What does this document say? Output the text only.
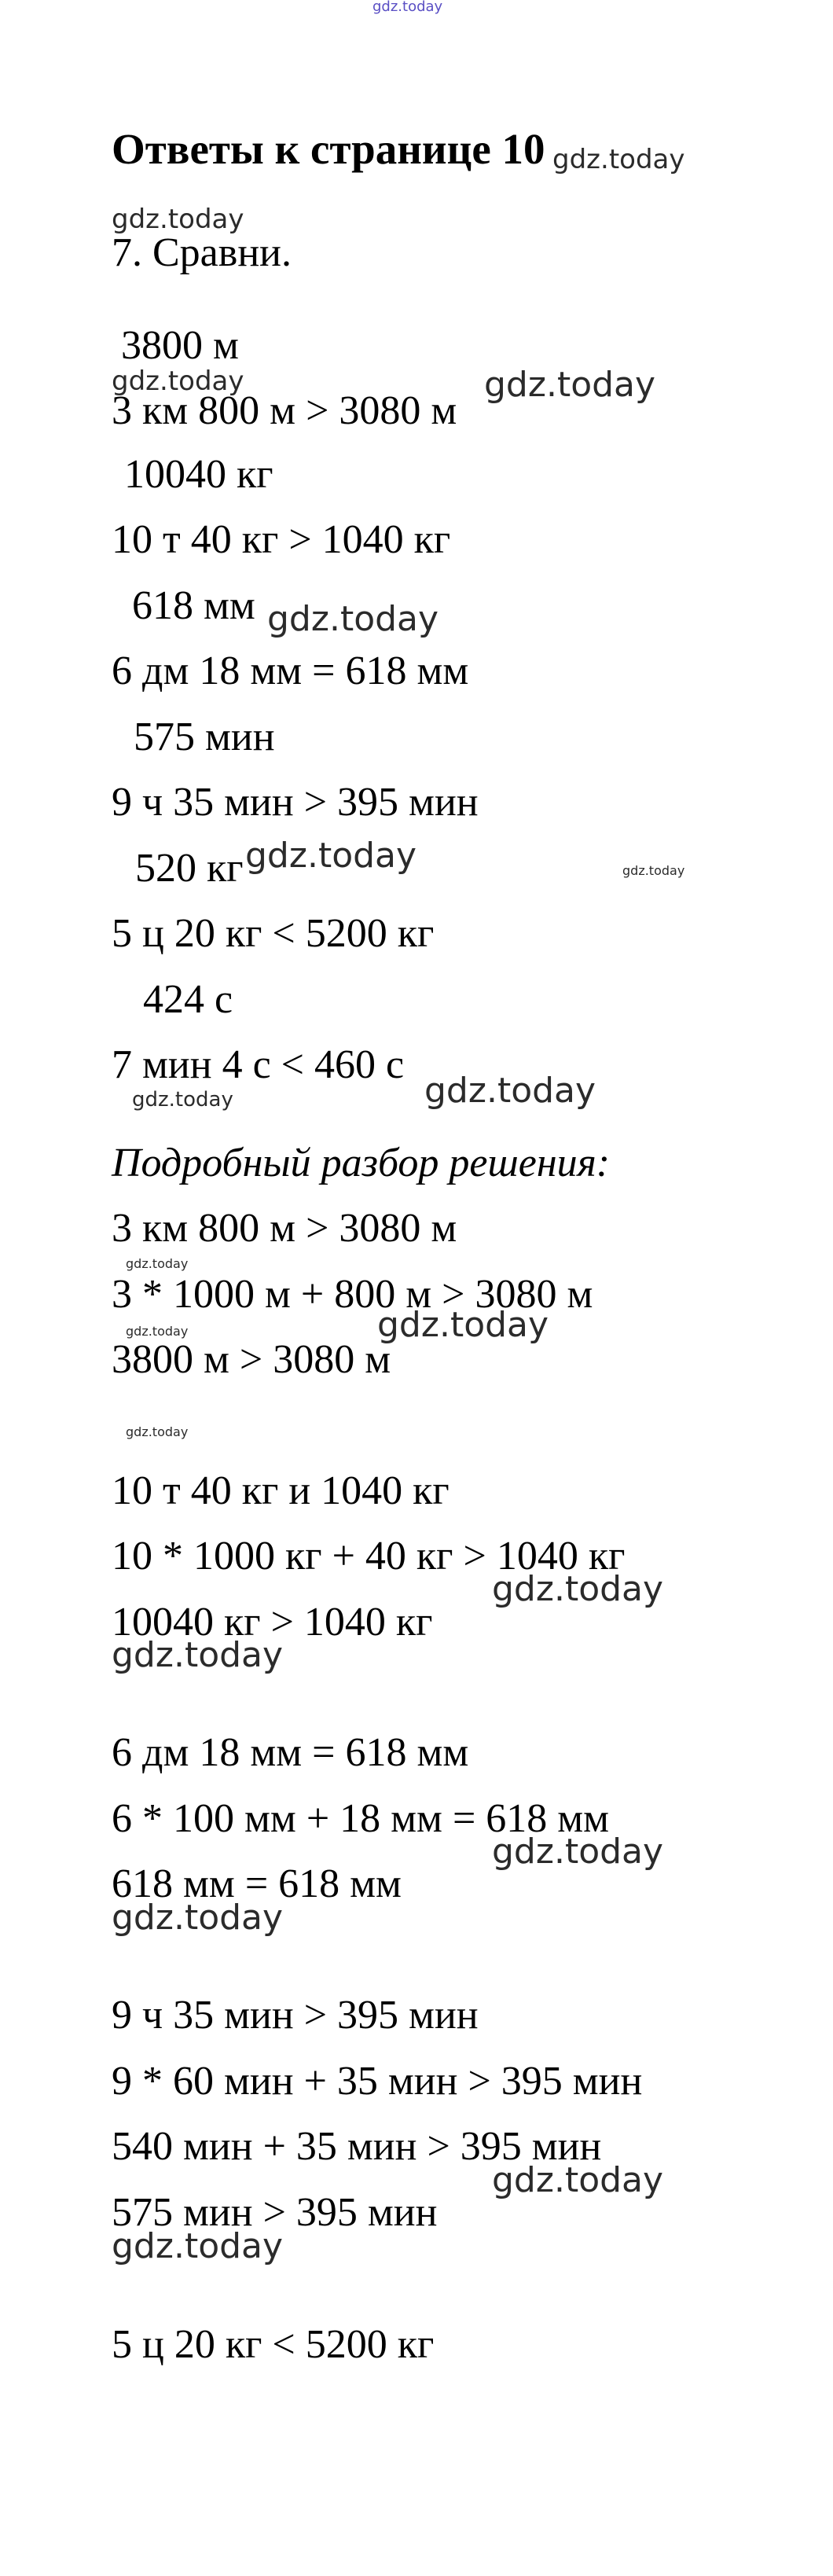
gdz.today
Ответы к странице 10 gdz.today
gdz.today
7. Сравни.
3800 м
gdz.today
3 км 800 м > 3080 м
gdz.today
10040 кг
10 т 40 кг > 1040 кг
618 мм gdz.today
6 дм 18 мм = 618 мм
575 мин
9 ч 35 мин > 395 мин
520 кг gdz.today	gdz.today
5 ц 20 кг < 5200 кг
424 с
7 мин 4 с < 460 с
gdz.today
gdz.today
Подробный разбор решения:
3 км 800 м > 3080 м
gdz.today
3 * 1000 м + 800 м > 3080 м
gdz.today	gdz.today
3800 м > 3080 м
gdz.today
10 т 40 кг и 1040 кг
10 * 1000 кг + 40 кг > 1040 кг
gdz.today
10040 кг > 1040 кг
gdz.today
6 дм 18 мм = 618 мм
6 * 100 мм + 18 мм = 618 мм
gdz.today
618 мм = 618 мм
gdz.today
9 ч 35 мин > 395 мин
9 * 60 мин + 35 мин > 395 мин
540 мин + 35 мин > 395 мин
gdz.today
575 мин > 395 мин
gdz.today
5 ц 20 кг < 5200 кг
